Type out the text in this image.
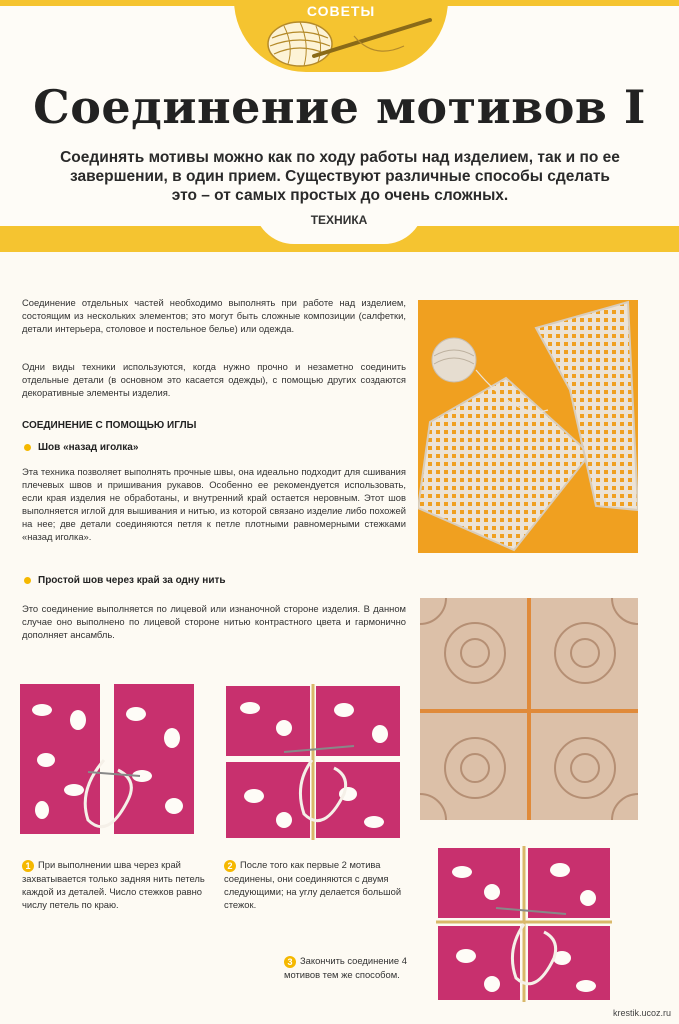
СОВЕТЫ
Соединение мотивов I
Соединять мотивы можно как по ходу работы над изделием, так и по ее завершении, в один прием. Существуют различные способы сделать это – от самых простых до очень сложных.
ТЕХНИКА

Соединение отдельных частей необходимо выполнять при работе над изделием, состоящим из нескольких элементов; это могут быть сложные композиции (салфетки, детали интерьера, столовое и постельное белье) или одежда.

Одни виды техники используются, когда нужно прочно и незаметно соединить отдельные детали (в основном это касается одежды), с помощью других создаются декоративные элементы изделия.

СОЕДИНЕНИЕ С ПОМОЩЬЮ ИГЛЫ

Шов «назад иголка»

Эта техника позволяет выполнять прочные швы, она идеально подходит для сшивания плечевых швов и пришивания рукавов. Особенно ее рекомендуется использовать, если края изделия не обработаны, и внутренний край остается неровным. Этот шов выполняется иглой для вышивания и нитью, из которой связано изделие либо похожей на нее; две детали соединяются петля к петле плотными равномерными стежками «назад иголка».

Простой шов через край за одну нить

Это соединение выполняется по лицевой или изнаночной стороне изделия. В данном случае оно выполнено по лицевой стороне нитью контрастного цвета и гармонично дополняет ансамбль.

1 При выполнении шва через край захватывается только задняя нить петель каждой из деталей. Число стежков равно числу петель по краю.

2 После того как первые 2 мотива соединены, они соединяются с двумя следующими; на углу делается большой стежок.

3 Закончить соединение 4 мотивов тем же способом.

krestik.ucoz.ru
